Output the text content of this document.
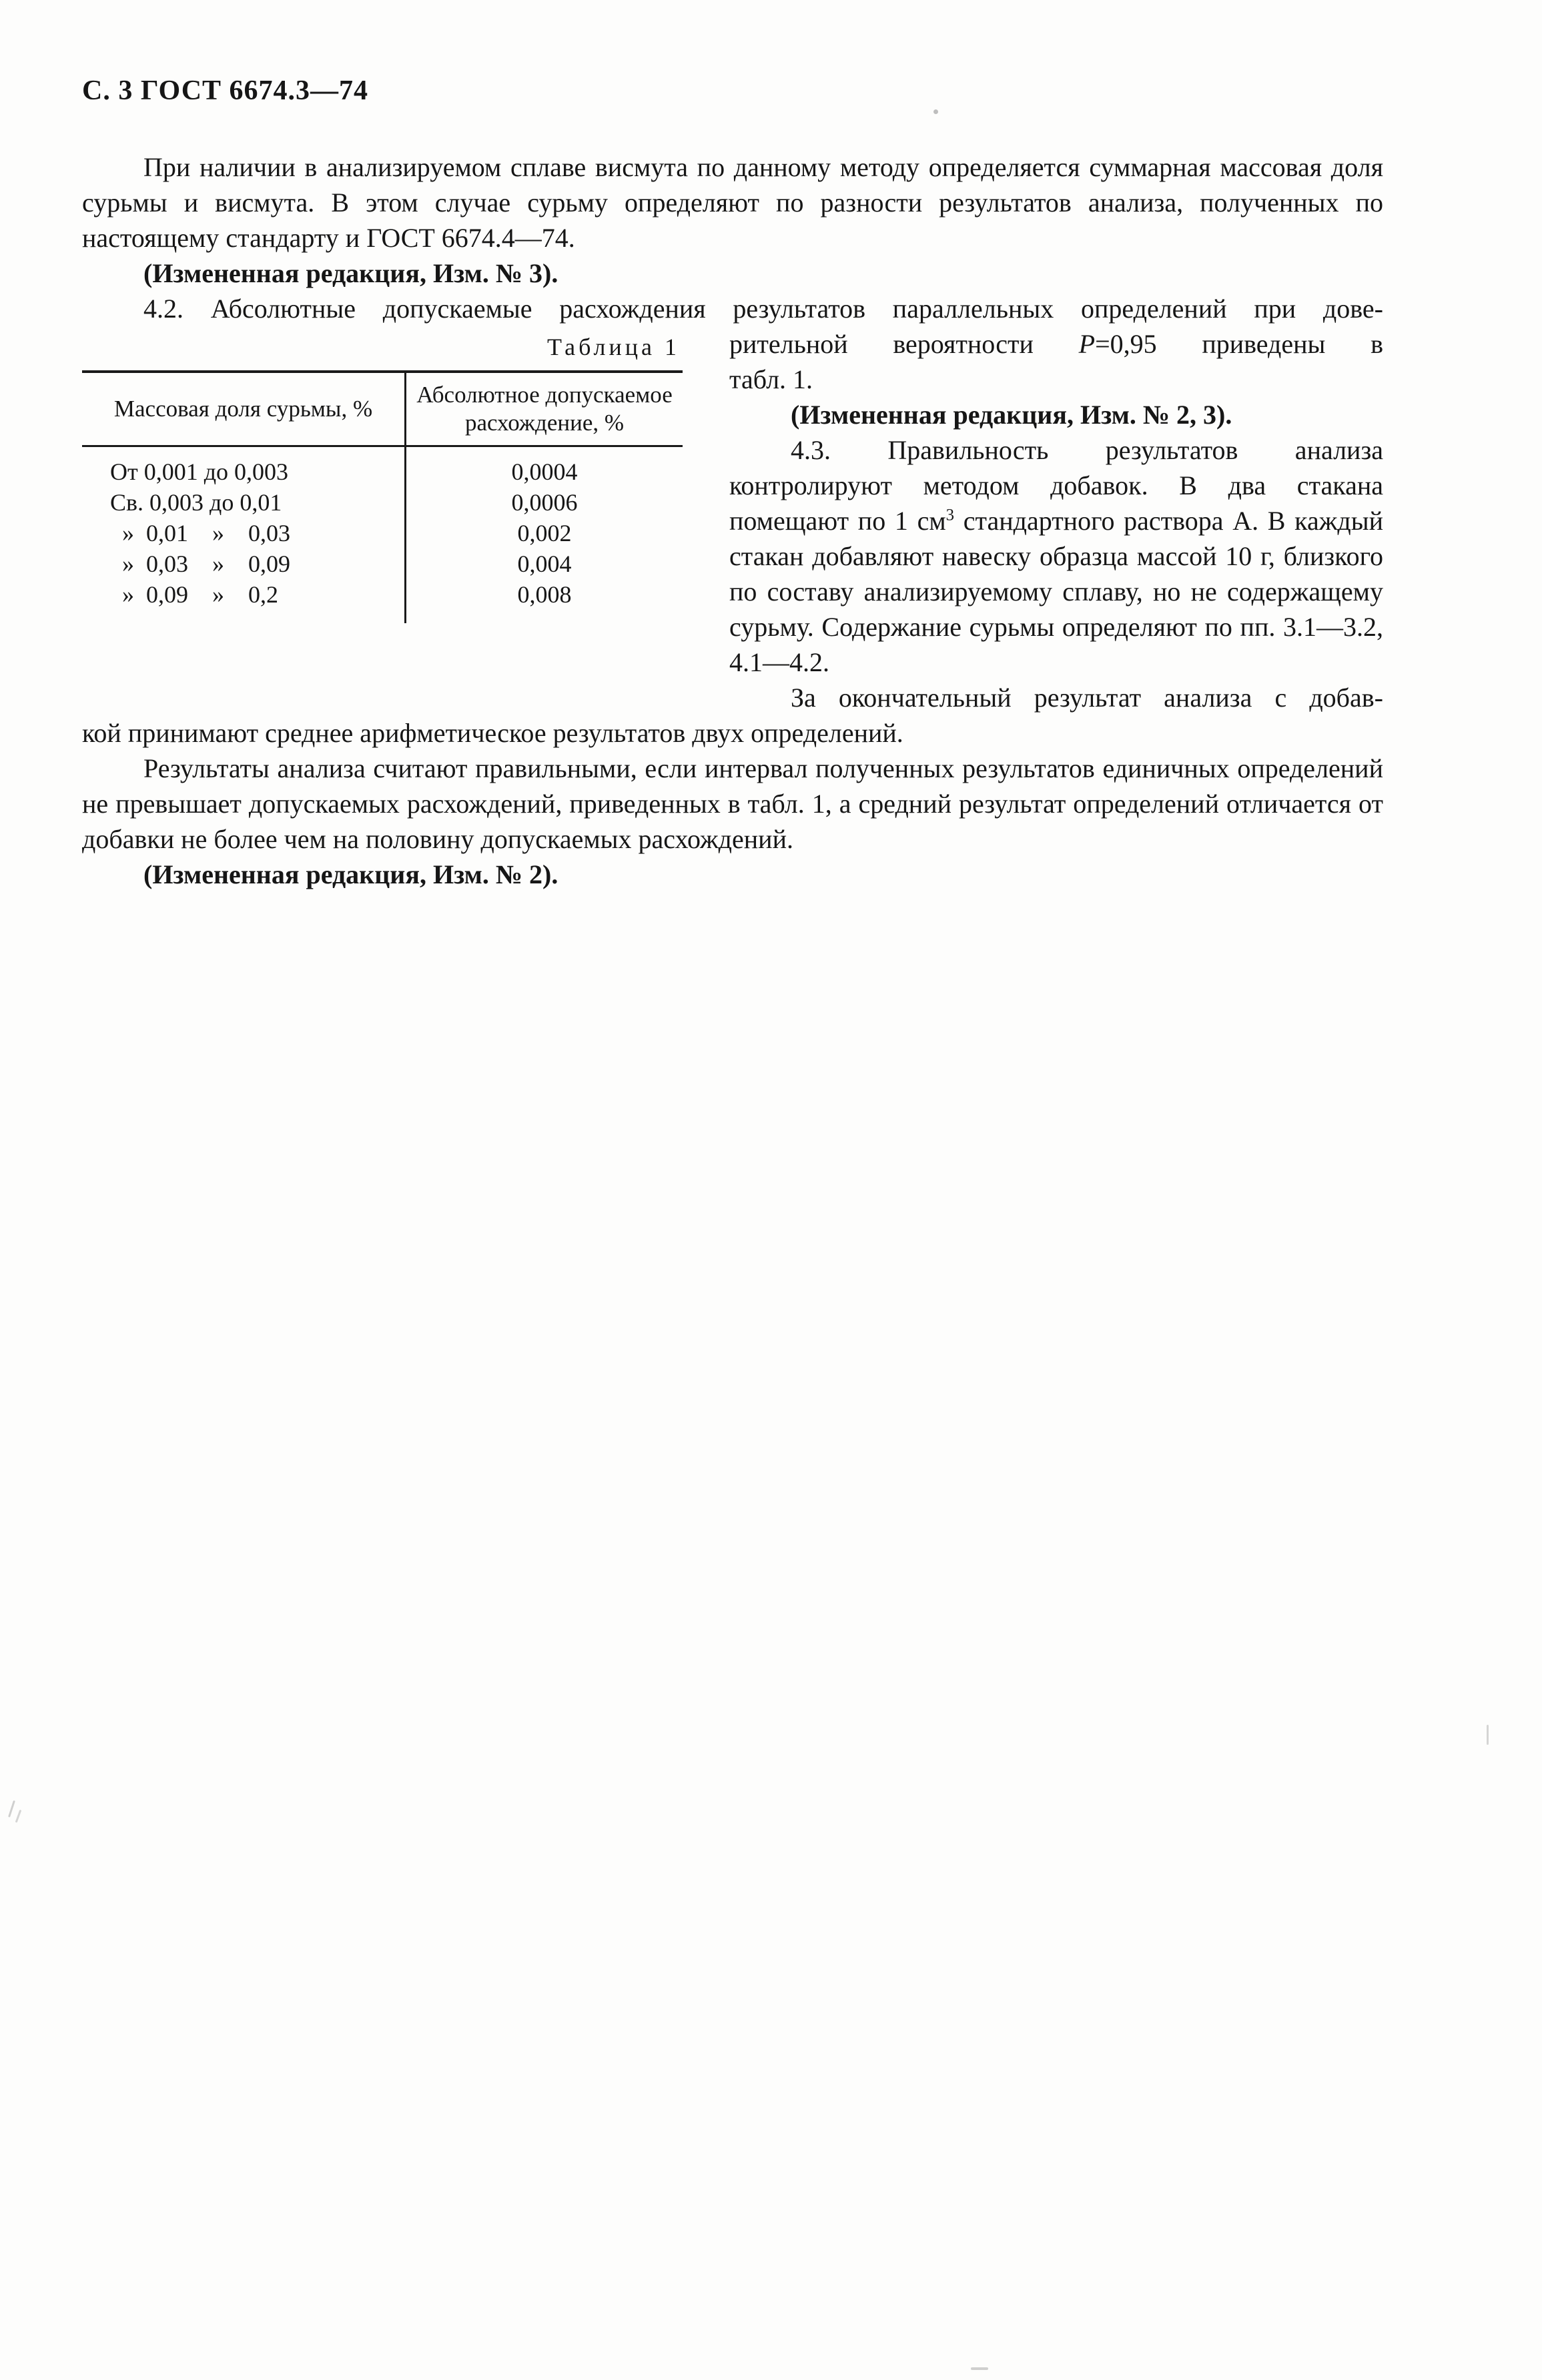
С. 3 ГОСТ 6674.3—74

При наличии в анализируемом сплаве висмута по данному методу определяется суммарная массовая доля сурьмы и висмута. В этом случае сурьму определяют по разности результатов анализа, полученных по настоящему стандарту и ГОСТ 6674.4—74.

(Измененная редакция, Изм. № 3).

4.2. Абсолютные допускаемые расхождения результатов параллельных определений при дове-

Таблица 1
Массовая доля сурьмы, %	Абсолютное допускаемое расхождение, %
От 0,001 до 0,003	0,0004
Св. 0,003 до 0,01	0,0006
»  0,01    »    0,03	0,002
»  0,03    »    0,09	0,004
»  0,09    »    0,2	0,008

рительной вероятности Р=0,95 приведены в
табл. 1.

(Измененная редакция, Изм. № 2, 3).

4.3. Правильность результатов анализа контролируют методом добавок. В два стакана помещают по 1 $см^3$ стандартного раствора А. В каждый стакан добавляют навеску образца массой 10 г, близкого по составу анализируемому сплаву, но не содержащему сурьму. Содержание сурьмы определяют по пп. 3.1—3.2, 4.1—4.2.

За окончательный результат анализа с добав-

кой принимают среднее арифметическое результатов двух определений.

Результаты анализа считают правильными, если интервал полученных результатов единичных определений не превышает допускаемых расхождений, приведенных в табл. 1, а средний результат определений отличается от добавки не более чем на половину допускаемых расхождений.

(Измененная редакция, Изм. № 2).
